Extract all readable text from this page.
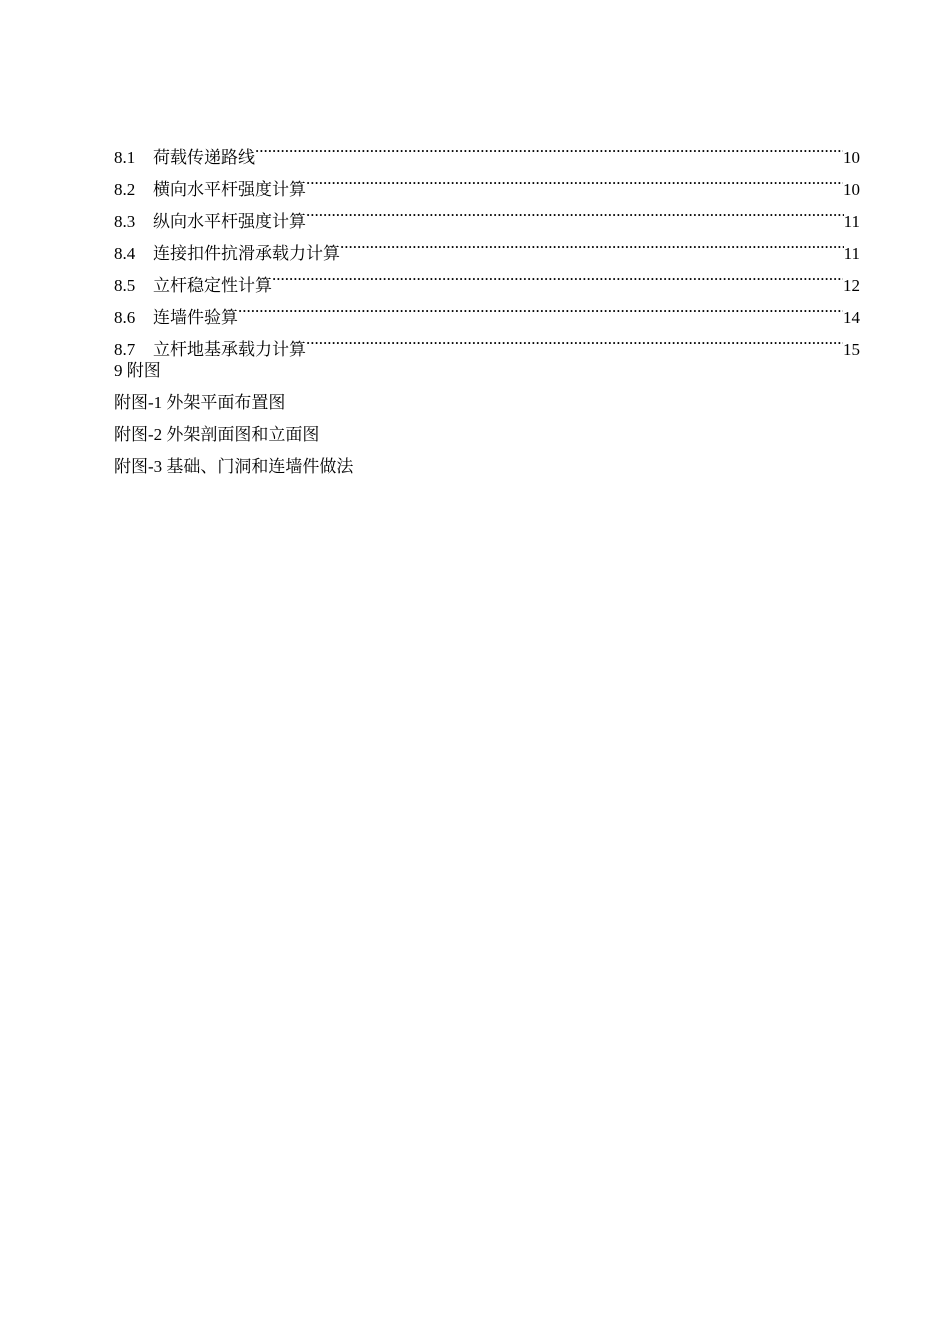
8.1	荷载传递路线 .....	10
8.2	横向水平杆强度计算 .....	10
8.3	纵向水平杆强度计算 .....	11
8.4	连接扣件抗滑承载力计算 .....	11
8.5	立杆稳定性计算 .....	12
8.6	连墙件验算 .....	14
8.7	立杆地基承载力计算 .....	15
9 附图
附图-1 外架平面布置图
附图-2 外架剖面图和立面图
附图-3 基础、门洞和连墙件做法
